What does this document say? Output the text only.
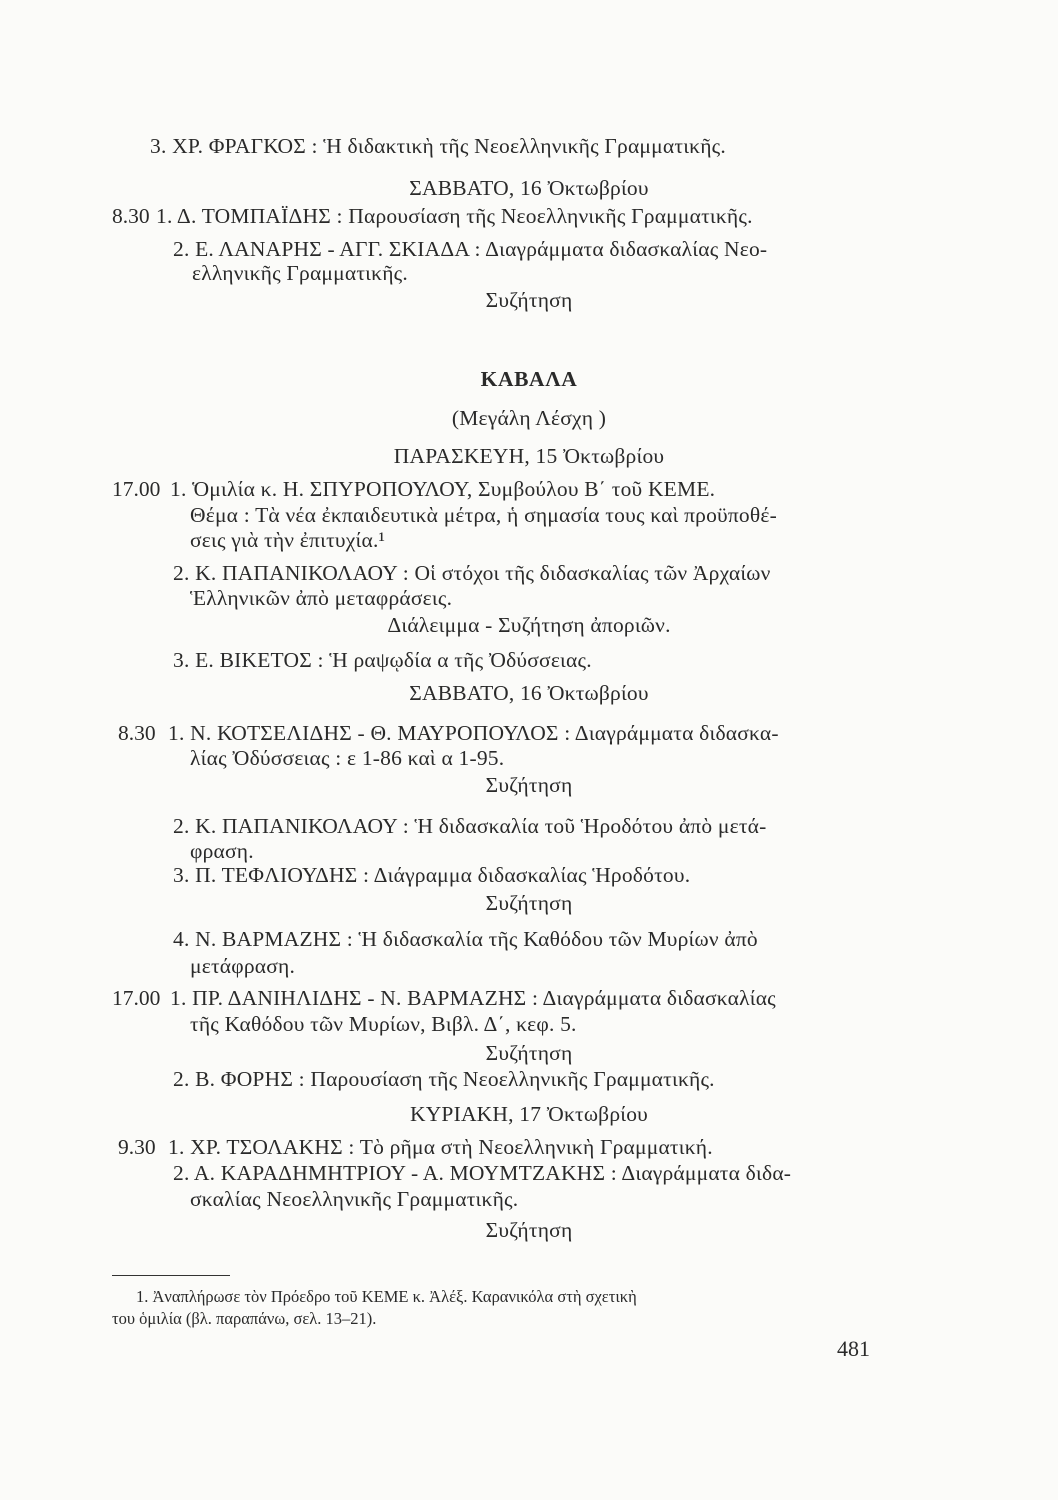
3. ΧΡ. ΦΡΑΓΚΟΣ : Ἡ διδακτικὴ τῆς Νεοελληνικῆς Γραμματικῆς.
ΣΑΒΒΑΤΟ, 16 Ὀκτωβρίου
8.30 1. Δ. ΤΟΜΠΑΪΔΗΣ : Παρουσίαση τῆς Νεοελληνικῆς Γραμματικῆς.
2. Ε. ΛΑΝΑΡΗΣ - ΑΓΓ. ΣΚΙΑΔΑ : Διαγράμματα διδασκαλίας Νεο-
ελληνικῆς Γραμματικῆς.
Συζήτηση
ΚΑΒΑΛΑ
(Μεγάλη Λέσχη )
ΠΑΡΑΣΚΕΥΗ, 15 Ὀκτωβρίου
17.00 1. Ὁμιλία κ. Η. ΣΠΥΡΟΠΟΥΛΟΥ, Συμβούλου Β΄ τοῦ ΚΕΜΕ.
Θέμα : Τὰ νέα ἐκπαιδευτικὰ μέτρα, ἡ σημασία τους καὶ προϋποθέ-
σεις γιὰ τὴν ἐπιτυχία.¹
2. Κ. ΠΑΠΑΝΙΚΟΛΑΟΥ : Οἱ στόχοι τῆς διδασκαλίας τῶν Ἀρχαίων
Ἑλληνικῶν ἀπὸ μεταφράσεις.
Διάλειμμα - Συζήτηση ἀποριῶν.
3. Ε. ΒΙΚΕΤΟΣ : Ἡ ραψῳδία α τῆς Ὀδύσσειας.
ΣΑΒΒΑΤΟ, 16 Ὀκτωβρίου
8.30 1. Ν. ΚΟΤΣΕΛΙΔΗΣ - Θ. ΜΑΥΡΟΠΟΥΛΟΣ : Διαγράμματα διδασκα-
λίας Ὀδύσσειας : ε 1-86 καὶ α 1-95.
Συζήτηση
2. Κ. ΠΑΠΑΝΙΚΟΛΑΟΥ : Ἡ διδασκαλία τοῦ Ἡροδότου ἀπὸ μετά-
φραση.
3. Π. ΤΕΦΛΙΟΥΔΗΣ : Διάγραμμα διδασκαλίας Ἡροδότου.
Συζήτηση
4. Ν. ΒΑΡΜΑΖΗΣ : Ἡ διδασκαλία τῆς Καθόδου τῶν Μυρίων ἀπὸ
μετάφραση.
17.00 1. ΠΡ. ΔΑΝΙΗΛΙΔΗΣ - Ν. ΒΑΡΜΑΖΗΣ : Διαγράμματα διδασκαλίας
τῆς Καθόδου τῶν Μυρίων, Βιβλ. Δ΄, κεφ. 5.
Συζήτηση
2. Β. ΦΟΡΗΣ : Παρουσίαση τῆς Νεοελληνικῆς Γραμματικῆς.
ΚΥΡΙΑΚΗ, 17 Ὀκτωβρίου
9.30 1. ΧΡ. ΤΣΟΛΑΚΗΣ : Τὸ ρῆμα στὴ Νεοελληνικὴ Γραμματική.
2. Α. ΚΑΡΑΔΗΜΗΤΡΙΟΥ - Α. ΜΟΥΜΤΖΑΚΗΣ : Διαγράμματα διδα-
σκαλίας Νεοελληνικῆς Γραμματικῆς.
Συζήτηση
1. Ἀναπλήρωσε τὸν Πρόεδρο τοῦ ΚΕΜΕ κ. Ἀλέξ. Καρανικόλα στὴ σχετικὴ
του ὁμιλία (βλ. παραπάνω, σελ. 13–21).
481
